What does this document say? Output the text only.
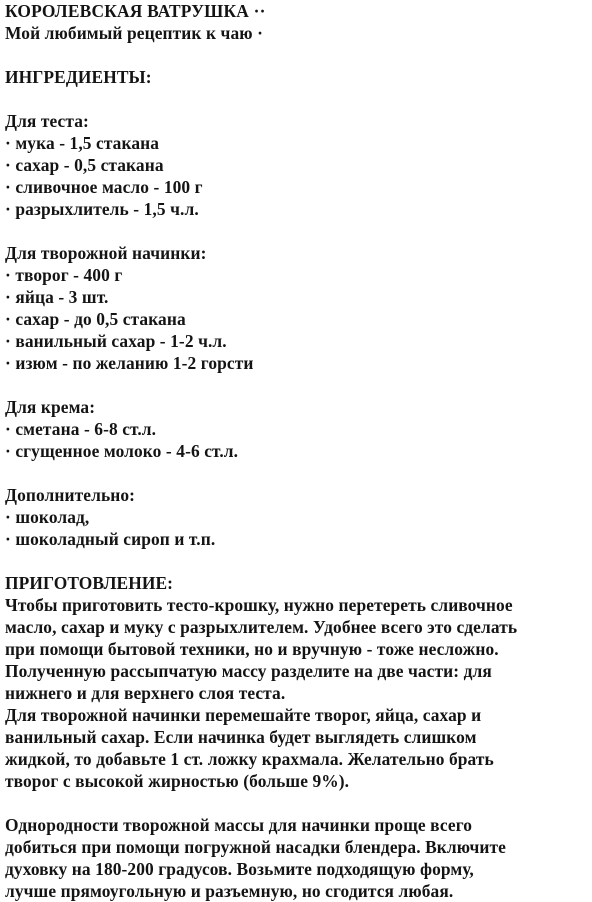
КОРОЛЕВСКАЯ ВАТРУШКА ··
Мой любимый рецептик к чаю ·
ИНГРЕДИЕНТЫ:
Для теста:
· мука - 1,5 стакана
· сахар - 0,5 стакана
· сливочное масло - 100 г
· разрыхлитель - 1,5 ч.л.
Для творожной начинки:
· творог - 400 г
· яйца - 3 шт.
· сахар - до 0,5 стакана
· ванильный сахар - 1-2 ч.л.
· изюм - по желанию 1-2 горсти
Для крема:
· сметана - 6-8 ст.л.
· сгущенное молоко - 4-6 ст.л.
Дополнительно:
· шоколад,
· шоколадный сироп и т.п.
ПРИГОТОВЛЕНИЕ:
Чтобы приготовить тесто-крошку, нужно перетереть сливочное
масло, сахар и муку с разрыхлителем. Удобнее всего это сделать
при помощи бытовой техники, но и вручную - тоже несложно.
Полученную рассыпчатую массу разделите на две части: для
нижнего и для верхнего слоя теста.
Для творожной начинки перемешайте творог, яйца, сахар и
ванильный сахар. Если начинка будет выглядеть слишком
жидкой, то добавьте 1 ст. ложку крахмала. Желательно брать
творог с высокой жирностью (больше 9%).
Однородности творожной массы для начинки проще всего
добиться при помощи погружной насадки блендера. Включите
духовку на 180-200 градусов. Возьмите подходящую форму,
лучше прямоугольную и разъемную, но сгодится любая.
